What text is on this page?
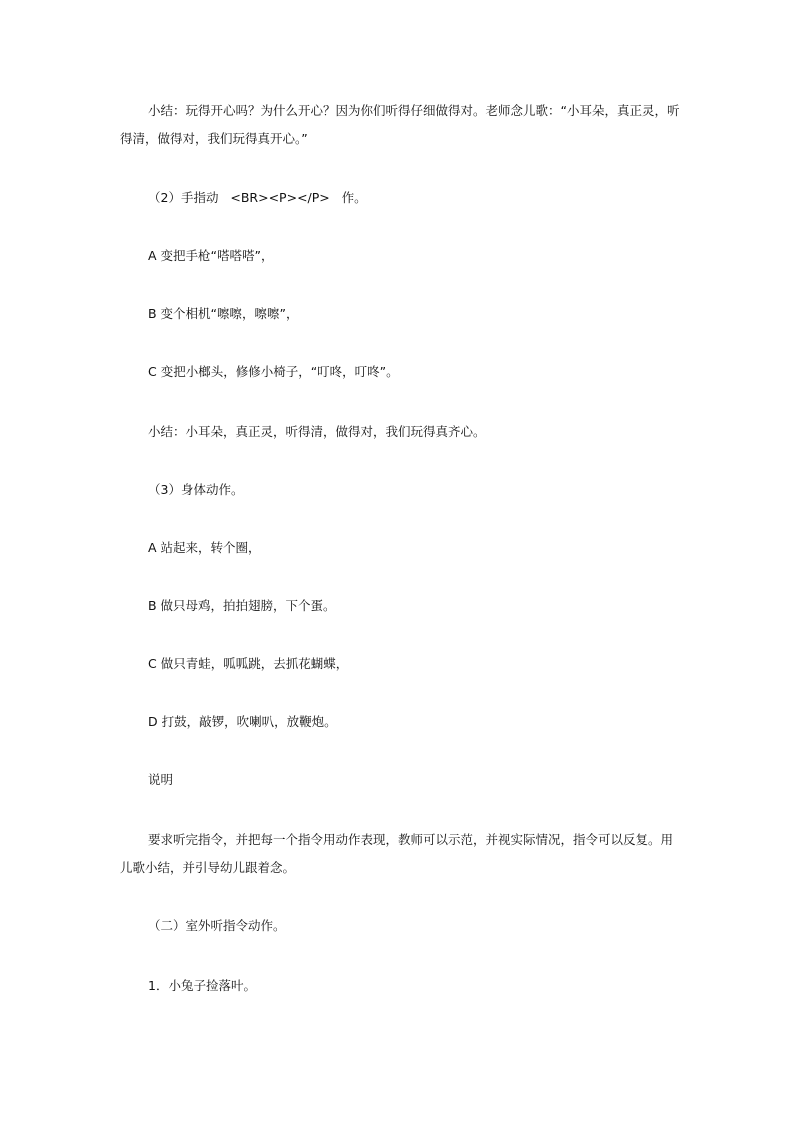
小结：玩得开心吗？为什么开心？因为你们听得仔细做得对。老师念儿歌：“小耳朵，真正灵，听得清，做得对，我们玩得真开心。”

（2）手指动   <BR><P></P>   作。

A 变把手枪“嗒嗒嗒”，

B 变个相机“嚓嚓，嚓嚓”，

C 变把小榔头，修修小椅子，“叮咚，叮咚”。

小结：小耳朵，真正灵，听得清，做得对，我们玩得真齐心。

（3）身体动作。

A 站起来，转个圈，

B 做只母鸡，拍拍翅膀，下个蛋。

C 做只青蛙，呱呱跳，去抓花蝴蝶，

D 打鼓，敲锣，吹喇叭，放鞭炮。

说明

要求听完指令，并把每一个指令用动作表现，教师可以示范，并视实际情况，指令可以反复。用儿歌小结，并引导幼儿跟着念。

（二）室外听指令动作。

1．小兔子捡落叶。
